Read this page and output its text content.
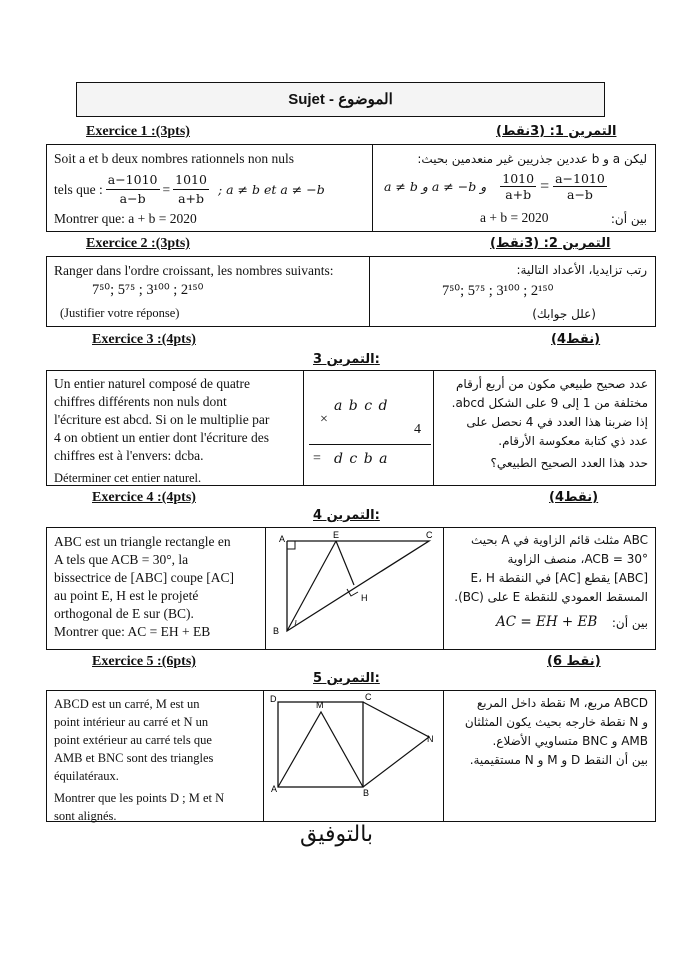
Sujet - الموضوع
Exercice 1 :(3pts)	التمرين 1: (3نقط)
Soit a et b deux nombres rationnels non nuls
tels que : $\frac{a-1010}{a-b} = \frac{1010}{a+b}$ ; a ≠ b et a ≠ −b
Montrer que: a + b = 2020
ليكن a و b عددين جذريين غير منعدمين بحيث:
a ≠ b و a ≠ −b و $\frac{1010}{a+b} = \frac{a-1010}{a-b}$
a + b = 2020	بين أن:
Exercice 2 :(3pts)	التمرين 2: (3نقط)
Ranger dans l'ordre croissant, les nombres suivants:
7⁵⁰; 5⁷⁵ ; 3¹⁰⁰ ; 2¹⁵⁰
(Justifier votre réponse)
رتب تزايديا، الأعداد التالية:
7⁵⁰; 5⁷⁵ ; 3¹⁰⁰ ; 2¹⁵⁰
(علل جوابك)
Exercice 3 :(4pts)	(4نقط)
التمرين 3:
Un entier naturel composé de quatre
chiffres différents non nuls dont
l'écriture est abcd. Si on le multiplie par
4 on obtient un entier dont l'écriture des
chiffres est à l'envers: dcba.
Déterminer cet entier naturel.
a b c d
×
4
= d c b a
عدد صحيح طبيعي مكون من أربع أرقام
مختلفة من 1 إلى 9 على الشكل abcd.
إذا ضربنا هذا العدد في 4 نحصل على
عدد ذي كتابة معكوسة الأرقام.
حدد هذا العدد الصحيح الطبيعي؟
Exercice 4 :(4pts)	(4نقط)
التمرين 4:
ABC est un triangle rectangle en
A tels que ACB = 30°, la
bissectrice de [ABC] coupe [AC]
au point E, H est le projeté
orthogonal de E sur (BC).
Montrer que: AC = EH + EB
A	E	C
H
B
ABC مثلث قائم الزاوية في A بحيث
ACB = 30°، منصف الزاوية
[ABC] يقطع [AC] في النقطة E، H
المسقط العمودي للنقطة E على (BC).
AC = EH + EB	بين أن:
Exercice 5 :(6pts)	(6 نقط)
التمرين 5:
ABCD est un carré, M est un
point intérieur au carré et N un
point extérieur au carré tels que
AMB et BNC sont des triangles
équilatéraux.
Montrer que les points D ; M et N
sont alignés.
D
M
C
N
A	B
ABCD مربع، M نقطة داخل المربع
و N نقطة خارجه بحيث يكون المثلثان
AMB و BNC متساويي الأضلاع.
بين أن النقط D و M و N مستقيمية.
بالتوفيق
